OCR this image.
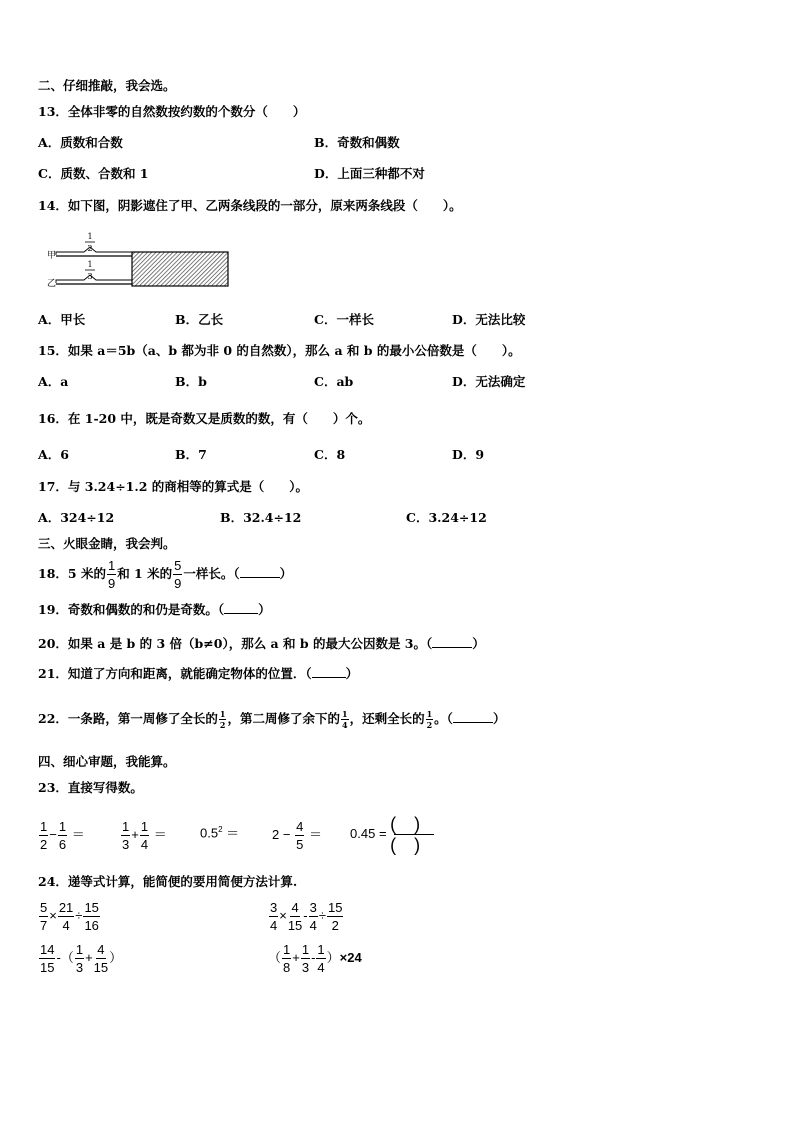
二、仔细推敲，我会选。
13．全体非零的自然数按约数的个数分（　　）
A．质数和合数	B．奇数和偶数
C．质数、合数和 1	D．上面三种都不对
14．如下图，阴影遮住了甲、乙两条线段的一部分，原来两条线段（　　）。
甲
乙
1
2
1
3
A．甲长	B．乙长	C．一样长	D．无法比较
15．如果 a＝5b（a、b 都为非 0 的自然数），那么 a 和 b 的最小公倍数是（　　）。
A．a	B．b	C．ab	D．无法确定
16．在 1-20 中，既是奇数又是质数的数，有（　　）个。
A．6	B．7	C．8	D．9
17．与 3.24÷1.2 的商相等的算式是（　　）。
A．324÷12	B．32.4÷12	C．3.24÷12
三、火眼金睛，我会判。
18．5 米的 $\frac{1}{9}$ 和 1 米的 $\frac{5}{9}$ 一样长。（	）
19．奇数和偶数的和仍是奇数。（	）
20．如果 a 是 b 的 3 倍（b≠0），那么 a 和 b 的最大公因数是 3。（	）
21．知道了方向和距离，就能确定物体的位置．（	）
22．一条路，第一周修了全长的 $\frac{1}{2}$ ，第二周修了余下的 $\frac{1}{4}$ ，还剩全长的 $\frac{1}{2}$ 。（	）
四、细心审题，我能算。
23．直接写得数。
$\frac{1}{2} - \frac{1}{6}$ ＝	$\frac{1}{3} + \frac{1}{4}$ ＝	$0.5^2$ ＝	$2 - \frac{4}{5} = 0.45 = \frac{()}{()}$
24．递等式计算，能简便的要用简便方法计算.
$\frac{5}{7} \times \frac{21}{4} \div \frac{15}{16}$	$\frac{3}{4} \times \frac{4}{15} - \frac{3}{4} \div \frac{15}{2}$
$\frac{14}{15}$ -（ $\frac{1}{3} + \frac{4}{15}$ ）	（ $\frac{1}{8} + \frac{1}{3} - \frac{1}{4} )\times 24$
